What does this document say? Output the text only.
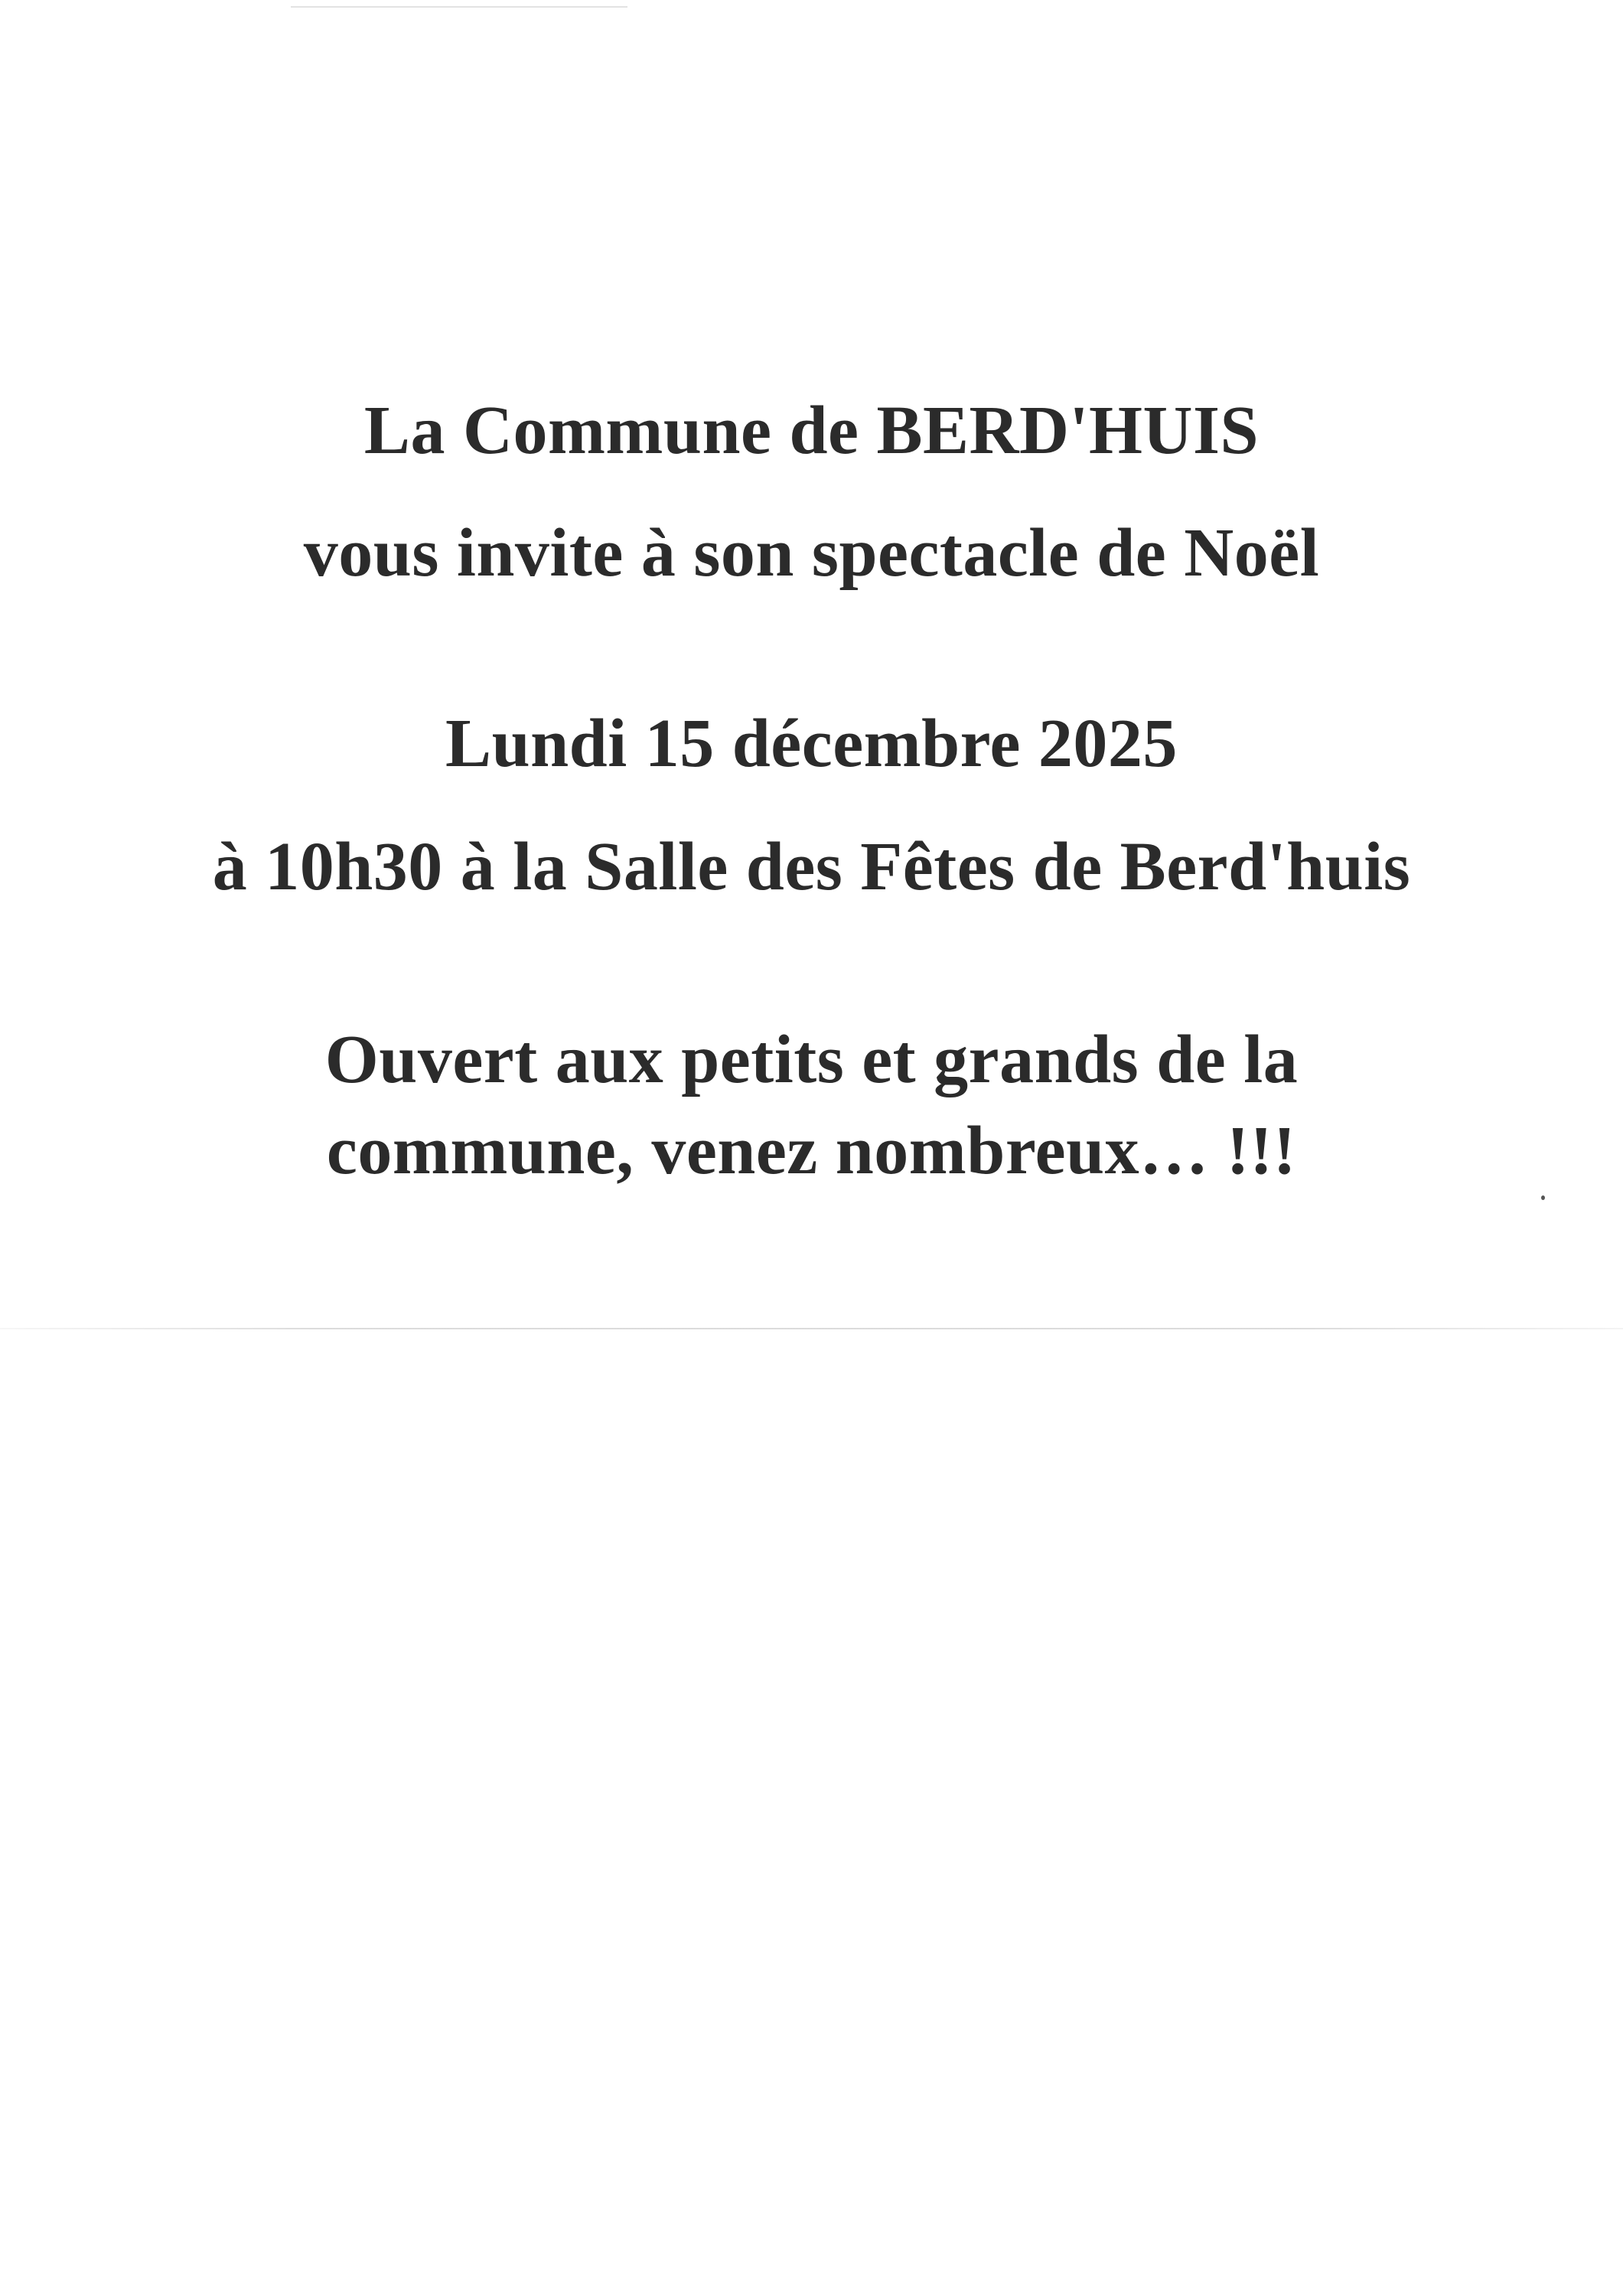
La Commune de BERD'HUIS
vous invite à son spectacle de Noël
Lundi 15 décembre 2025
à 10h30 à la Salle des Fêtes de Berd'huis
Ouvert aux petits et grands de la
commune, venez nombreux… !!!
